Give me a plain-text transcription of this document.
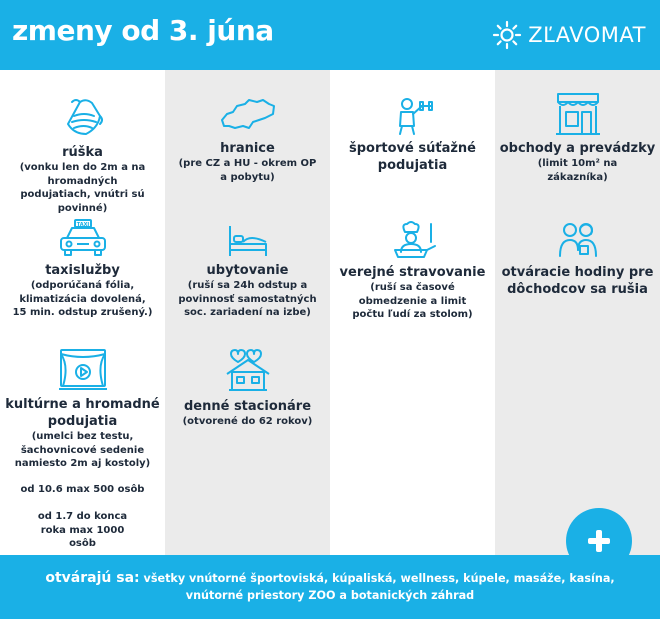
zmeny od 3. júna	ZĽAVOMAT
rúška
(vonku len do 2m a na hromadných podujatiach, vnútri sú povinné)
TAXI
taxislužby
(odporúčaná fólia, klimatizácia dovolená, 15 min. odstup zrušený.)
kultúrne a hromadné podujatia
(umelci bez testu, šachovnicové sedenie namiesto 2m aj kostoly)
od 10.6 max 500 osôb
od 1.7 do konca roka max 1000 osôb
hranice
(pre CZ a HU - okrem OP a pobytu)
ubytovanie
(ruší sa 24h odstup a povinnosť samostatných soc. zariadení na izbe)
denné stacionáre
(otvorené do 62 rokov)
športové súťažné podujatia
verejné stravovanie
(ruší sa časové obmedzenie a limit počtu ľudí za stolom)
obchody a prevádzky
(limit 10m² na zákazníka)
otváracie hodiny pre dôchodcov sa rušia
otvárajú sa: všetky vnútorné športoviská, kúpaliská, wellness, kúpele, masáže, kasína,
vnútorné priestory ZOO a botanických záhrad
